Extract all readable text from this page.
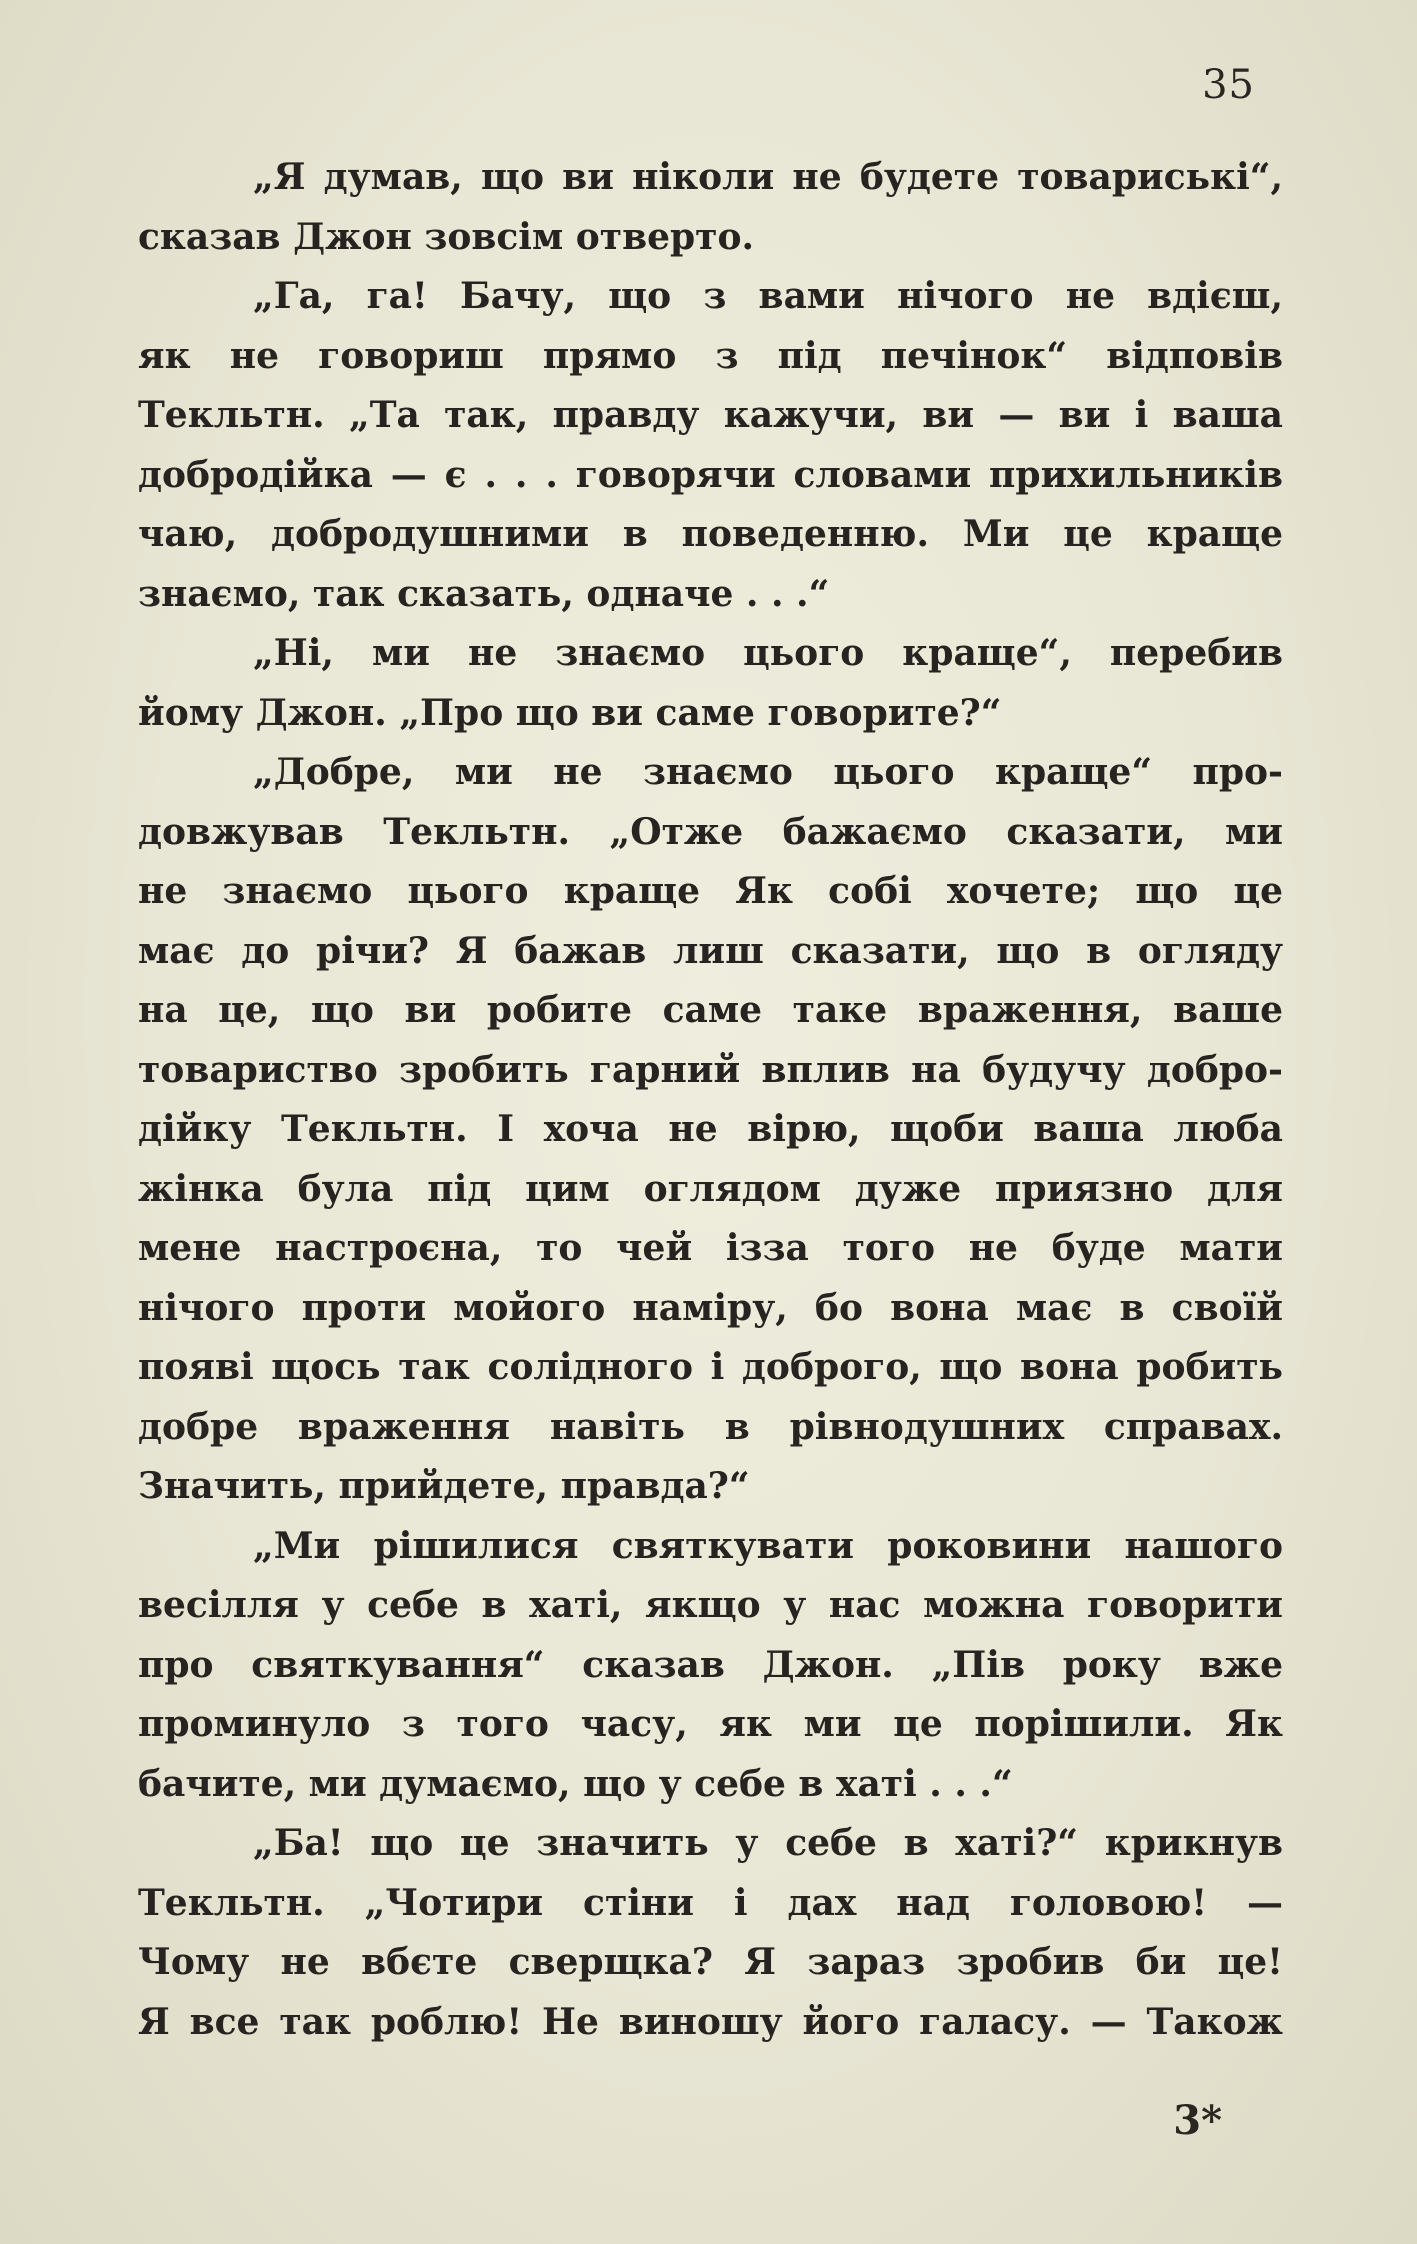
35

„Я думав, що ви ніколи не будете товариські“,
сказав Джон зовсім отверто.

„Га, га! Бачу, що з вами нічого не вдієш,
як не говориш прямо з під печінок“ відповів
Текльтн. „Та так, правду кажучи, ви — ви і ваша
добродійка — є . . . говорячи словами прихильників
чаю, добродушними в поведенню. Ми це краще
знаємо, так сказать, одначе . . .“

„Ні, ми не знаємо цього краще“, перебив
йому Джон. „Про що ви саме говорите?“

„Добре, ми не знаємо цього краще“ про-
довжував Текльтн. „Отже бажаємо сказати, ми
не знаємо цього краще Як собі хочете; що це
має до річи? Я бажав лиш сказати, що в огляду
на це, що ви робите саме таке враження, ваше
товариство зробить гарний вплив на будучу добро-
дійку Текльтн. І хоча не вірю, щоби ваша люба
жінка була під цим оглядом дуже приязно для
мене настроєна, то чей ізза того не буде мати
нічого проти мойого наміру, бо вона має в своїй
появі щось так солідного і доброго, що вона робить
добре враження навіть в рівнодушних справах.
Значить, прийдете, правда?“

„Ми рішилися святкувати роковини нашого
весілля у себе в хаті, якщо у нас можна говорити
про святкування“ сказав Джон. „Пів року вже
проминуло з того часу, як ми це порішили. Як
бачите, ми думаємо, що у себе в хаті . . .“

„Ба! що це значить у себе в хаті?“ крикнув
Текльтн. „Чотири стіни і дах над головою! —
Чому не вбєте сверщка? Я зараз зробив би це!
Я все так роблю! Не виношу його галасу. — Також

3*
